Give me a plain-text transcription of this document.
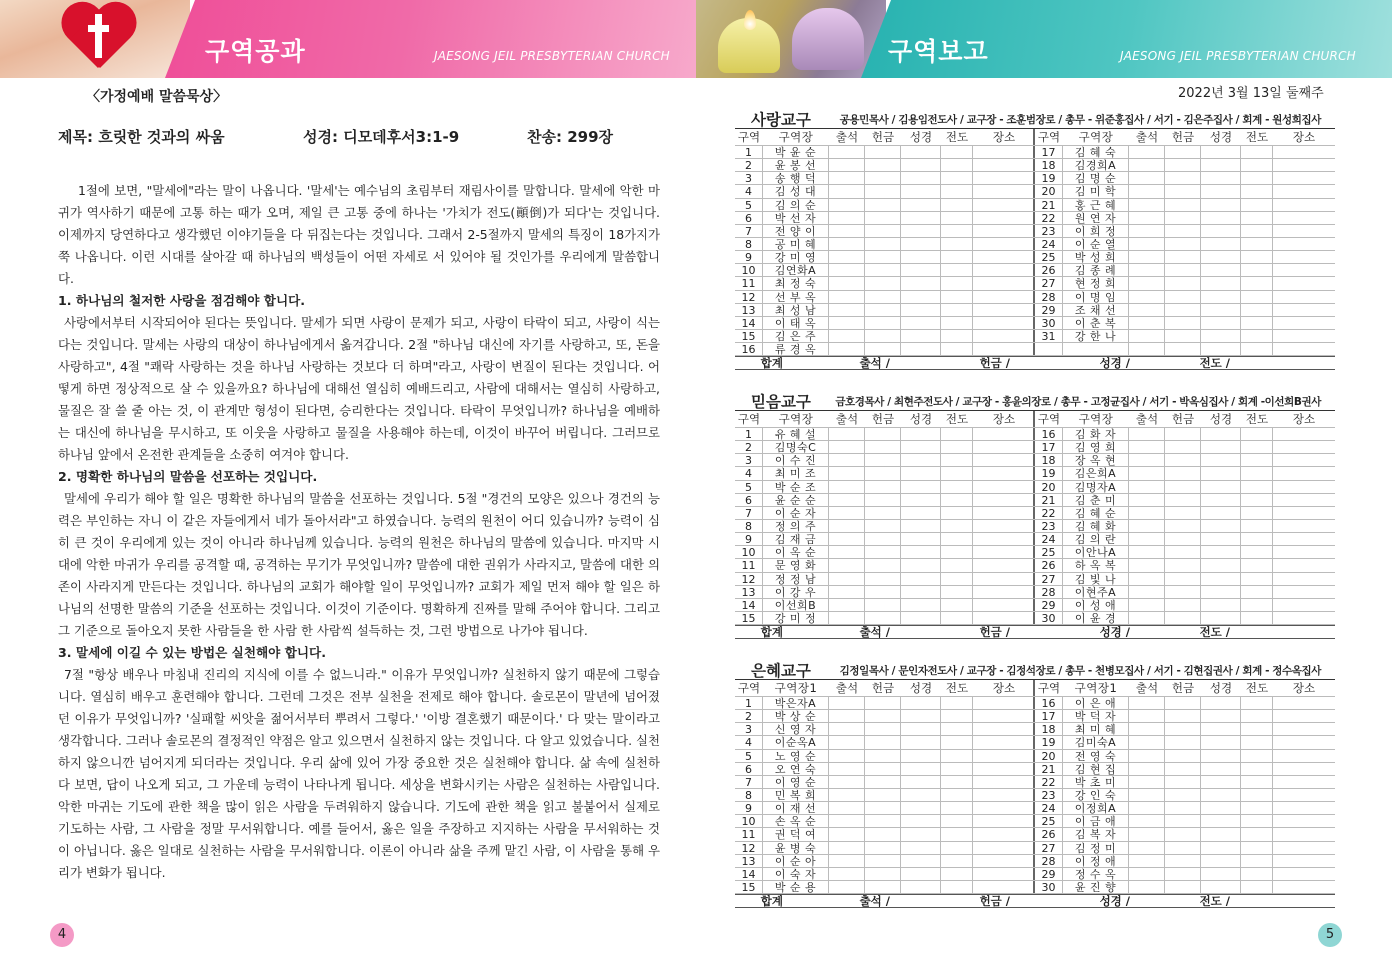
구역공과	JAESONG JEIL PRESBYTERIAN CHURCH	구역보고	JAESONG JEIL PRESBYTERIAN CHURCH
〈가정예배 말씀묵상〉
제목: 흐릿한 것과의 싸움	성경: 디모데후서3:1-9	찬송: 299장

1절에 보면, "말세에"라는 말이 나옵니다. '말세'는 예수님의 초림부터 재림사이를 말합니다. 말세에 악한 마귀가 역사하기 때문에 고통 하는 때가 오며, 제일 큰 고통 중에 하나는 '가치가 전도(顚倒)가 되다'는 것입니다. 이제까지 당연하다고 생각했던 이야기들을 다 뒤집는다는 것입니다. 그래서 2-5절까지 말세의 특징이 18가지가 쭉 나옵니다. 이런 시대를 살아갈 때 하나님의 백성들이 어떤 자세로 서 있어야 될 것인가를 우리에게 말씀합니다.

1. 하나님의 철저한 사랑을 점검해야 합니다.

사랑에서부터 시작되어야 된다는 뜻입니다. 말세가 되면 사랑이 문제가 되고, 사랑이 타락이 되고, 사랑이 식는다는 것입니다. 말세는 사랑의 대상이 하나님에게서 옮겨갑니다. 2절 "하나님 대신에 자기를 사랑하고, 또, 돈을 사랑하고", 4절 "쾌락 사랑하는 것을 하나님 사랑하는 것보다 더 하며"라고, 사랑이 변질이 된다는 것입니다. 어떻게 하면 정상적으로 살 수 있을까요? 하나님에 대해선 열심히 예배드리고, 사람에 대해서는 열심히 사랑하고, 물질은 잘 쓸 줄 아는 것, 이 관계만 형성이 된다면, 승리한다는 것입니다. 타락이 무엇입니까? 하나님을 예배하는 대신에 하나님을 무시하고, 또 이웃을 사랑하고 물질을 사용해야 하는데, 이것이 바꾸어 버립니다. 그러므로 하나님 앞에서 온전한 관계들을 소중히 여겨야 합니다.

2. 명확한 하나님의 말씀을 선포하는 것입니다.

말세에 우리가 해야 할 일은 명확한 하나님의 말씀을 선포하는 것입니다. 5절 "경건의 모양은 있으나 경건의 능력은 부인하는 자니 이 같은 자들에게서 네가 돌아서라"고 하였습니다. 능력의 원천이 어디 있습니까? 능력이 심히 큰 것이 우리에게 있는 것이 아니라 하나님께 있습니다. 능력의 원천은 하나님의 말씀에 있습니다. 마지막 시대에 악한 마귀가 우리를 공격할 때, 공격하는 무기가 무엇입니까? 말씀에 대한 권위가 사라지고, 말씀에 대한 의존이 사라지게 만든다는 것입니다. 하나님의 교회가 해야할 일이 무엇입니까? 교회가 제일 먼저 해야 할 일은 하나님의 선명한 말씀의 기준을 선포하는 것입니다. 이것이 기준이다. 명확하게 진짜를 말해 주어야 합니다. 그리고 그 기준으로 돌아오지 못한 사람들을 한 사람 한 사람씩 설득하는 것, 그런 방법으로 나가야 됩니다.

3. 말세에 이길 수 있는 방법은 실천해야 합니다.

7절 "항상 배우나 마침내 진리의 지식에 이를 수 없느니라." 이유가 무엇입니까? 실천하지 않기 때문에 그렇습니다. 열심히 배우고 훈련해야 합니다. 그런데 그것은 전부 실천을 전제로 해야 합니다. 솔로몬이 말년에 넘어졌던 이유가 무엇입니까? '실패할 씨앗을 젊어서부터 뿌려서 그렇다.' '이방 결혼했기 때문이다.' 다 맞는 말이라고 생각합니다. 그러나 솔로몬의 결정적인 약점은 알고 있으면서 실천하지 않는 것입니다. 다 알고 있었습니다. 실천하지 않으니깐 넘어지게 되더라는 것입니다. 우리 삶에 있어 가장 중요한 것은 실천해야 합니다. 삶 속에 실천하다 보면, 답이 나오게 되고, 그 가운데 능력이 나타나게 됩니다. 세상을 변화시키는 사람은 실천하는 사람입니다. 악한 마귀는 기도에 관한 책을 많이 읽은 사람을 두려워하지 않습니다. 기도에 관한 책을 읽고 불붙어서 실제로 기도하는 사람, 그 사람을 정말 무서워합니다. 예를 들어서, 옳은 일을 주장하고 지지하는 사람을 무서워하는 것이 아닙니다. 옳은 일대로 실천하는 사람을 무서워합니다. 이론이 아니라 삶을 주께 맡긴 사람, 이 사람을 통해 우리가 변화가 됩니다.

4
2022년 3월 13일 둘째주
사랑교구	공용민목사 / 김용임전도사 / 교구장 - 조훈범장로 / 총무 - 위준홍집사 / 서기 - 김은주집사 / 회계 - 원성희집사
구역	구역장	출석	헌금	성경	전도	장소
1	박 윤 순
2	윤 봉 선
3	송 행 덕
4	김 성 대
5	김 의 순
6	박 선 자
7	전 양 이
8	공 미 혜
9	강 미 영
10	김연화A
11	최 정 숙
12	선 부 옥
13	최 성 남
14	이 태 옥
15	김 은 주
16	류 경 옥
구역	구역장	출석	헌금	성경	전도	장소
17	김 혜 숙
18	김경희A
19	김 명 순
20	김 미 학
21	홍 근 혜
22	원 연 자
23	이 희 정
24	이 순 열
25	박 성 희
26	김 종 례
27	현 정 희
28	이 명 임
29	조 채 선
30	이 춘 복
31	강 한 나
합계	출석 /	헌금 /	성경 /	전도 /
믿음교구 금호경목사 / 최현주전도사 / 교구장 - 홍윤의장로 / 총무 - 고정균집사 / 서기 - 박옥심집사 / 회계 -이선희B권사
구역	구역장	출석	헌금	성경	전도	장소
1	유 혜 설
2	김명숙C
3	이 수 진
4	최 미 조
5	박 순 조
6	윤 순 순
7	이 순 자
8	정 의 주
9	김 재 금
10	이 옥 순
11	문 영 화
12	정 정 남
13	이 강 우
14	이선희B
15	강 미 정
구역	구역장	출석	헌금	성경	전도	장소
16	김 화 자
17	김 영 희
18	장 옥 현
19	김은희A
20	김명자A
21	김 춘 미
22	김 혜 순
23	김 혜 화
24	김 의 란
25	이안나A
26	하 옥 복
27	김 빛 나
28	이현주A
29	이 성 애
30	이 윤 경
합계	출석 /	헌금 /	성경 /	전도 /
은혜교구	김정일목사 / 문인자전도사 / 교구장 - 김정석장로 / 총무 - 천병모집사 / 서기 - 김현집권사 / 회계 - 정수옥집사
구역	구역장1	출석	헌금	성경	전도	장소
1	박은자A
2	박 상 순
3	신 영 자
4	이순옥A
5	노 영 순
6	오 연 숙
7	이 영 순
8	민 복 희
9	이 재 선
10	손 옥 순
11	권 덕 여
12	윤 병 숙
13	이 순 아
14	이 숙 자
15	박 순 용
구역	구역장1	출석	헌금	성경	전도	장소
16	이 은 애
17	박 덕 자
18	최 미 혜
19	김미숙A
20	전 영 숙
21	김 현 집
22	박 초 미
23	강 인 숙
24	이정희A
25	이 금 애
26	김 복 자
27	김 정 미
28	이 정 애
29	정 수 옥
30	윤 진 향
합계	출석 /	헌금 /	성경 /	전도 /
5
